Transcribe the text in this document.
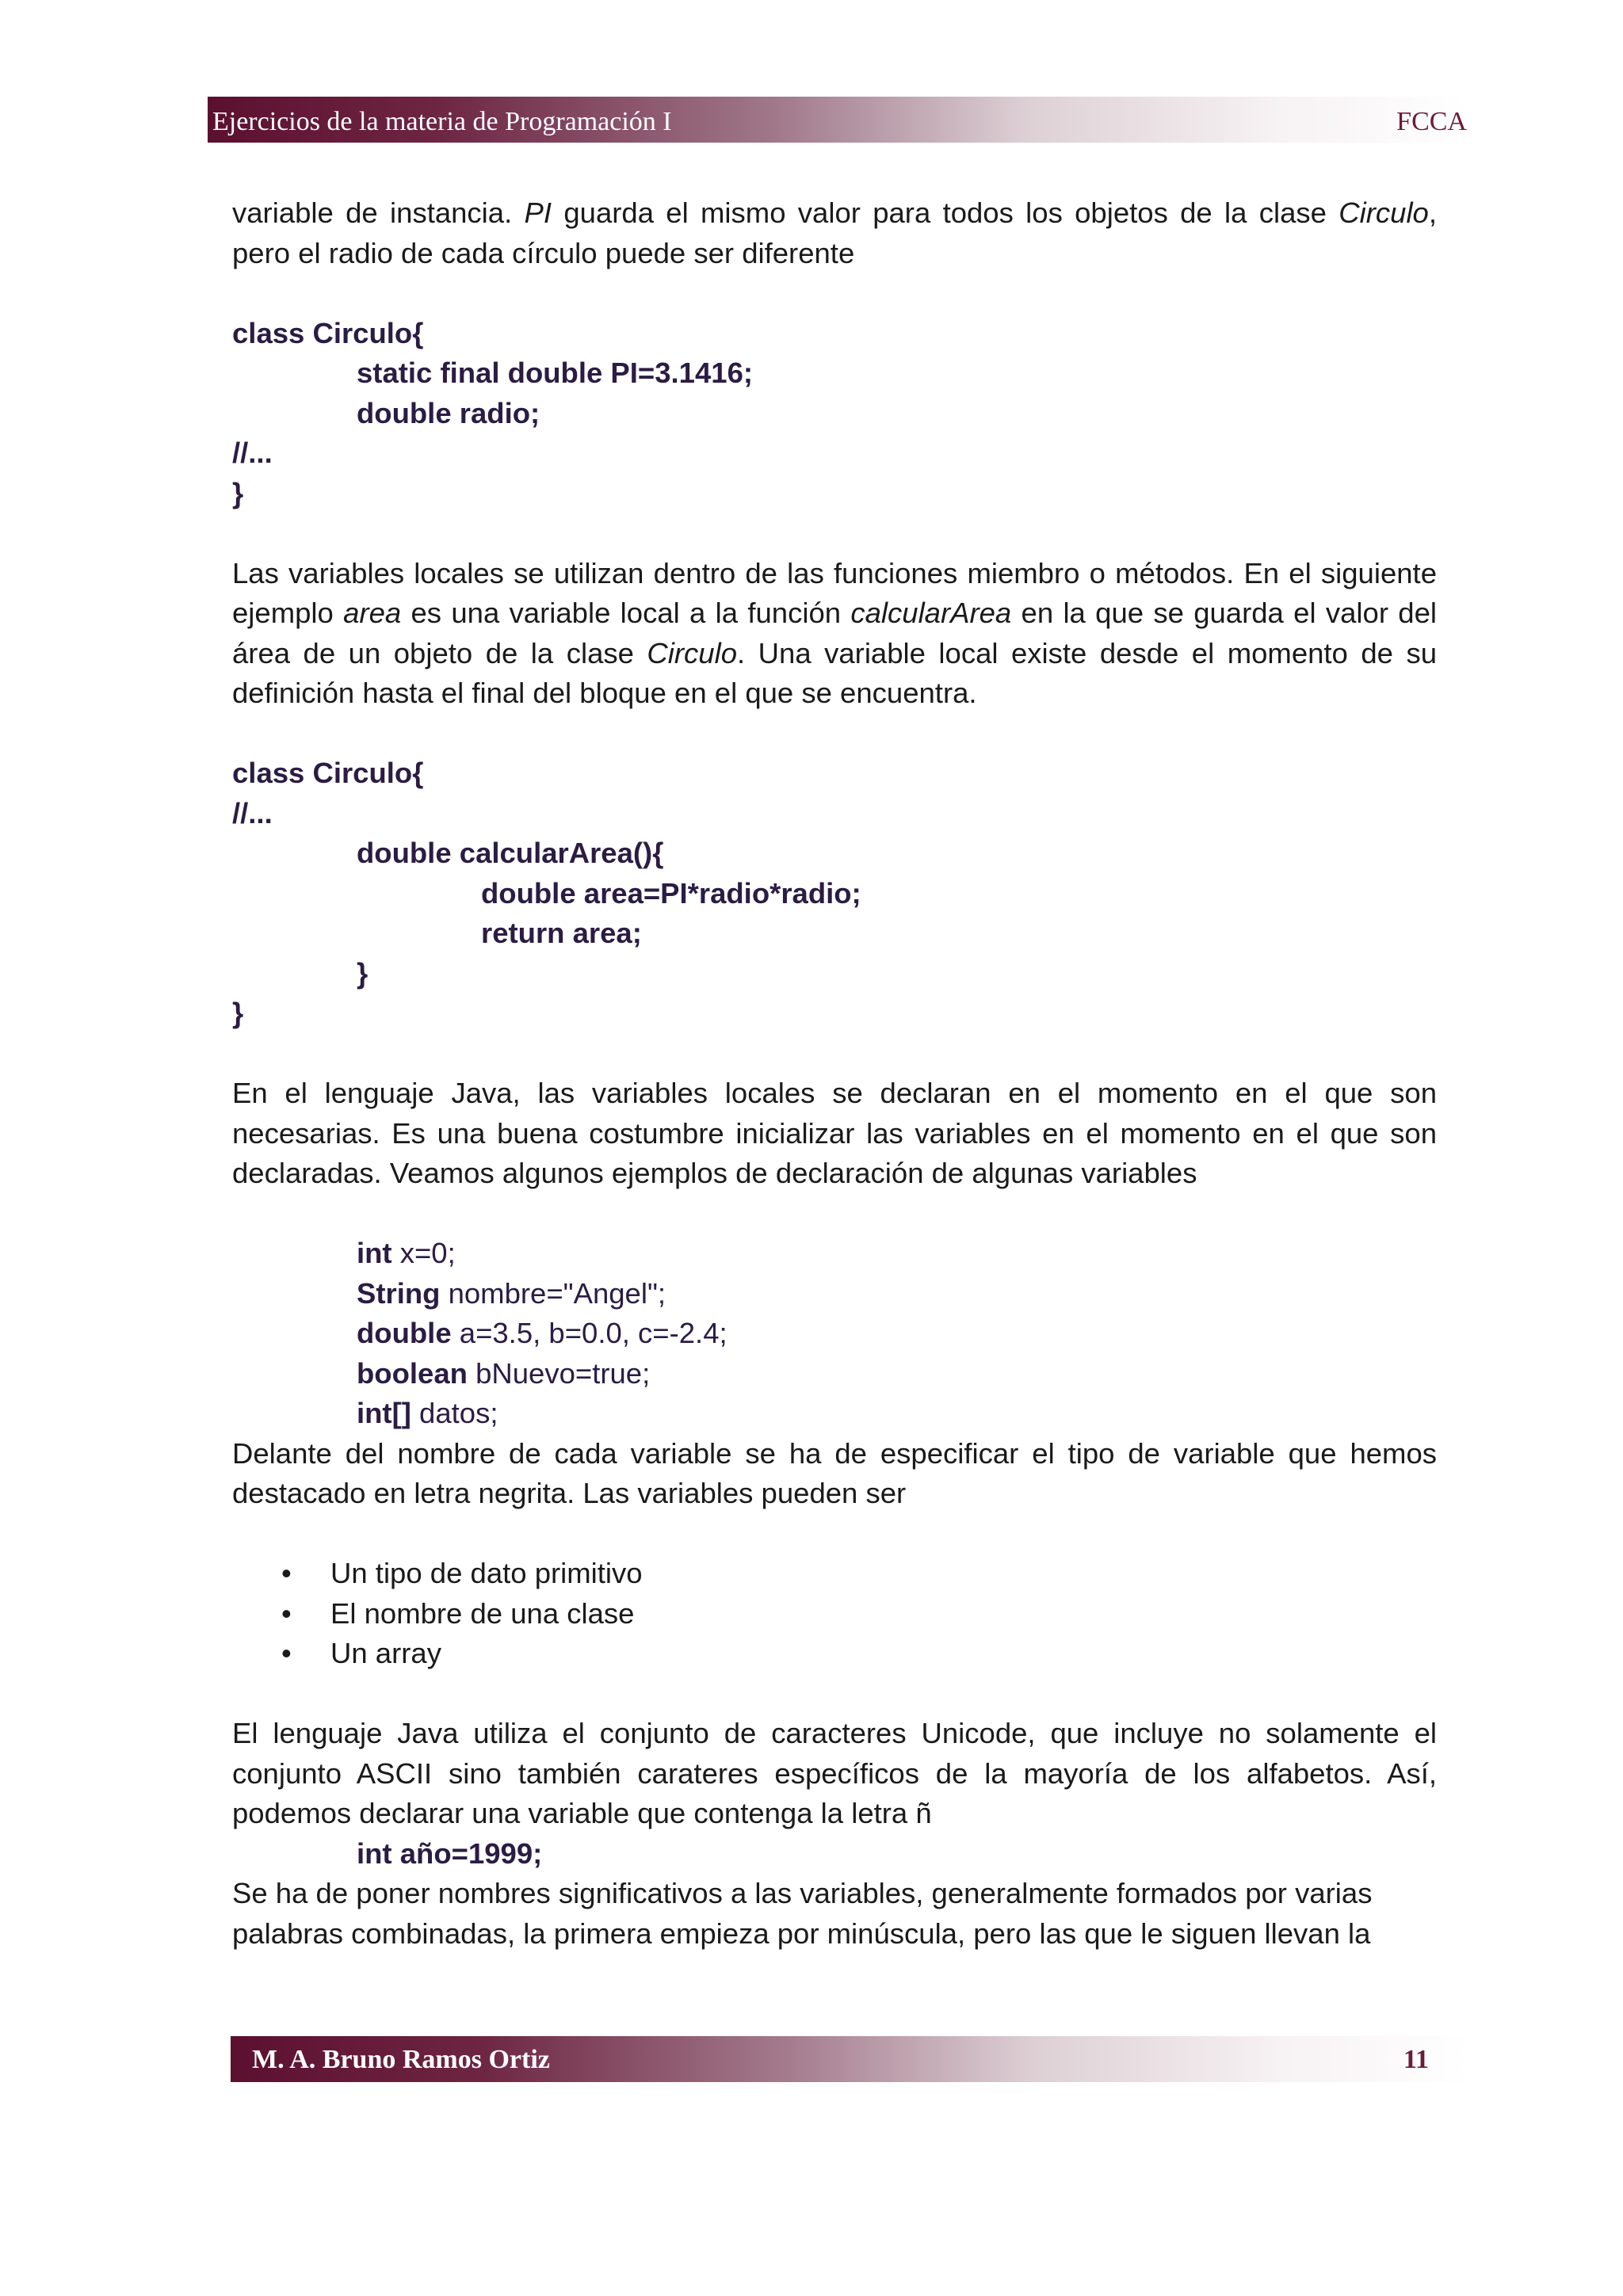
Ejercicios de la materia de Programación I	FCCA

variable de instancia. PI guarda el mismo valor para todos los objetos de la clase Circulo, pero el radio de cada círculo puede ser diferente

class Circulo{

static final double PI=3.1416;

double radio;

//...

}

Las variables locales se utilizan dentro de las funciones miembro o métodos. En el siguiente ejemplo area es una variable local a la función calcularArea en la que se guarda el valor del área de un objeto de la clase Circulo. Una variable local existe desde el momento de su definición hasta el final del bloque en el que se encuentra.

class Circulo{

//...

double calcularArea(){

double area=PI*radio*radio;

return area;

}

}

En el lenguaje Java, las variables locales se declaran en el momento en el que son necesarias. Es una buena costumbre inicializar las variables en el momento en el que son declaradas. Veamos algunos ejemplos de declaración de algunas variables

int x=0;

String nombre="Angel";

double a=3.5, b=0.0, c=-2.4;

boolean bNuevo=true;

int[] datos;

Delante del nombre de cada variable se ha de especificar el tipo de variable que hemos destacado en letra negrita. Las variables pueden ser

• Un tipo de dato primitivo
• El nombre de una clase
• Un array

El lenguaje Java utiliza el conjunto de caracteres Unicode, que incluye no solamente el conjunto ASCII sino también carateres específicos de la mayoría de los alfabetos. Así, podemos declarar una variable que contenga la letra ñ

int año=1999;

Se ha de poner nombres significativos a las variables, generalmente formados por varias

palabras combinadas, la primera empieza por minúscula, pero las que le siguen llevan la

M. A. Bruno Ramos Ortiz	11
